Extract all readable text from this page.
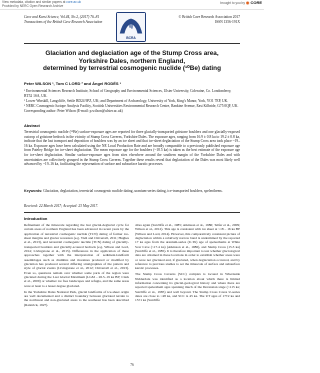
View metadata, citation and similar papers at core.ac.uk
Provided by NERC Open Research Archive
brought to you by ◉ CORE
Cave and Karst Science, Vol.44, No.2, (2017) 76–81
Transactions of the British Cave Research Association
BCRA
© British Cave Research Association 2017
ISSN 1356-191X
Glaciation and deglaciation age of the Stump Cross area,
Yorkshire Dales, northern England,
determined by terrestrial cosmogenic nuclide (¹⁰Be) dating
Peter WILSON ¹, Tom C LORD ² and Ángel RODÉS ³

¹ Environmental Sciences Research Institute, School of Geography and Environmental Sciences, Ulster University, Coleraine, Co. Londonderry, BT52 1SA, UK.

² Lower Winskill, Langcliffe, Settle BD24 9PZ, UK; and Department of Archaeology, University of York, King's Manor, York, YO1 7EP, UK.

³ NERC Cosmogenic Isotope Analysis Facility, Scottish Universities Environmental Research Centre, Rankine Avenue, East Kilbride, G75 0QF, UK.

Corresponding author: Peter Wilson (E-mail: p.wilson@ulster.ac.uk)

Abstract
Terrestrial cosmogenic nuclide (¹⁰Be) surface-exposure ages are reported for three glacially-transported gritstone boulders and one glacially-exposed outcrop of gritstone bedrock in the vicinity of Stump Cross Caverns, Yorkshire Dales. The exposure ages, ranging from 16.9 ± 0.8 ka to 19.2 ± 0.8 ka, indicate that the last transport and deposition of boulders was by an ice sheet and that ice-sheet deglaciation of the Stump Cross area took place ~19–16 ka. Exposure ages have been calculated using the NE Local Production Rate and are broadly comparable to a previously published exposure age from Pateley Bridge for ice-sheet deglaciation. The mean exposure age for the boulders (~18.5 ka) is taken as the best estimate of the exposure age for ice-sheet deglaciation. Similar surface-exposure ages from sites elsewhere around the southern margin of the Yorkshire Dales and with uncertainties are collectively grouped in the Stump Cross Caverns. Together these results reveal that deglaciation of the Dales was most likely well advanced by ~19–16 ka, facilitating the rejuvenation of surface and subsurface karstic processes.
Keywords: Glaciation, deglaciation, terrestrial cosmogenic nuclide dating, uranium-series dating, ice-transported boulders, speleothems.
Received: 22 March 2017; Accepted: 23 May 2017.
Introduction

Refinement of the timescale regarding the last glacial-deglacial cycle for certain areas of northern England has been advanced in recent years by the application of terrestrial cosmogenic nuclide (TCN) dating of former ice-sheet margins and glacier recession (e.g. Vieli and Chiverrell, 2011; Hughes et al., 2013), and terrestrial cosmogenic nuclide (TCN) dating of glacially-transported boulders and glacially-scoured bedrock (e.g. Wilson and Lord, 2014; Livingstone et al., 2015). Differences in the application of these approaches together with the interpretation of sediment-landform assemblages such as drumlins and moraines produced or modified by glaciation has produced several differing stratigraphies of the pattern and style of glacial events (Livingstone et al., 2012; Chiverrell et al., 2013). Even so, questions remain over whether some parts of the region were glaciated during the Last Glacial Maximum (LGM – 26.5–19 ka BP; Clark et al., 2009) or whether ice free landscapes and refugia, and the same areas were at least to a lesser degree glaciated.

In the Yorkshire Dales National Park, glacial landforms of ice-sheet origin are well documented and a distinct boundary between glaciated terrain to the northwest and non-glaciated areas to the southeast has been described (Raistrick, 1927).

41ka again (Sutcliffe et al., 1985; Atkinson et al., 1986; Telfer et al., 2009; Wilson et al., 2012). This age is consistent with ice sheet at ~18 – 16 ka BP (Wilson and Lord, 2014). However, this comparatively consistent picture of deglaciation within a relatively narrow band is undermined by the reported 17 ka ages from the uranium-series (U-Th) age of speleothems at White Scar Cave (~17.4 ka) (Atkinson et al., 1986), and Stump Cross (15.3 ka) (Sutcliffe et al., 1985). It is therefore important to test whether glaciological data are obtained in these locations in order to establish whether areas were or were not glaciated and, if glaciated, when deglaciation occurred, and by reference to previous studies to set the timescale of surface and subsurface karstic processes.

The Stump Cross Caverns (SCC) complex is located in Whernside Nidderdale was identified as a location about which there is limited information concerning its glacial-geological history and where there are reported speleothem ages spanning much of the Devensian stage (~115 ka; Sutcliffe et al., 1985) and well beyond. The Stump Cross Caves U-series dates are close to ~48 ka, and SCC is 45 ka. The UT ages of 17±2 ka and 15±1 ka (Sutcliffe

76
